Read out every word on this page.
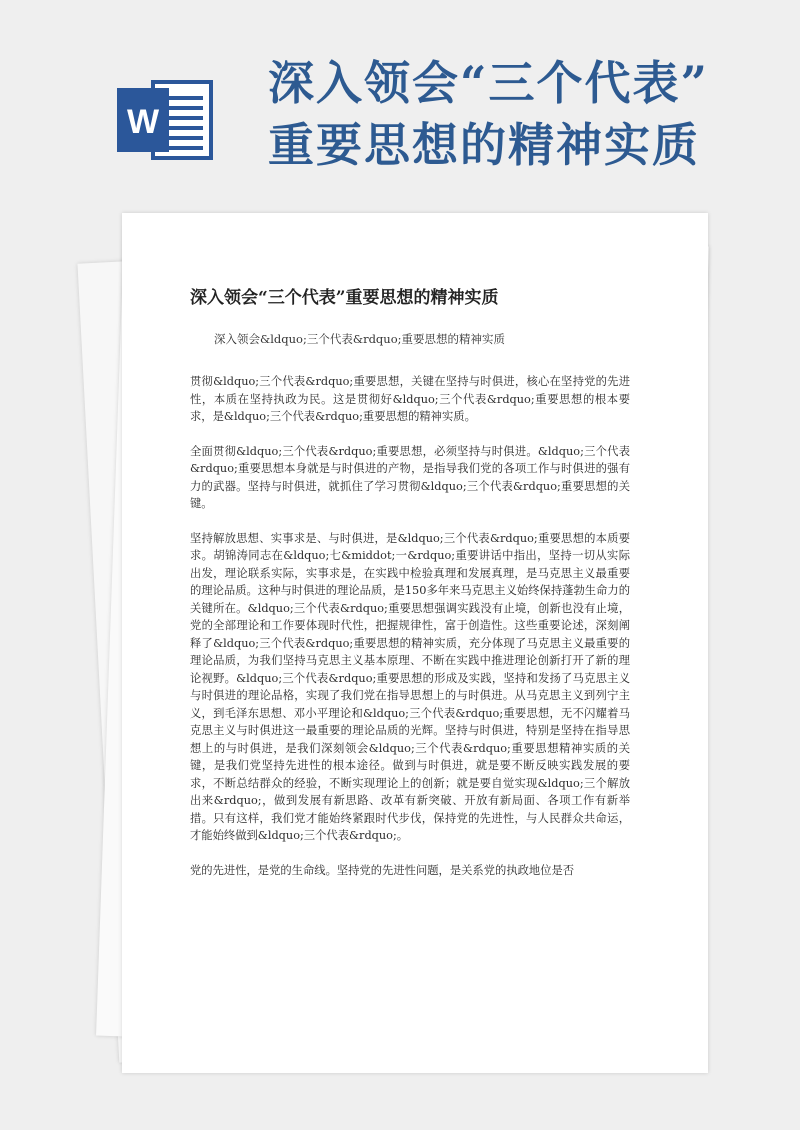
W
深入领会“三个代表”
重要思想的精神实质
深入领会“三个代表”重要思想的精神实质
深入领会&ldquo;三个代表&rdquo;重要思想的精神实质

贯彻&ldquo;三个代表&rdquo;重要思想，关键在坚持与时俱进，核心在坚持党的先进性，本质在坚持执政为民。这是贯彻好&ldquo;三个代表&rdquo;重要思想的根本要求，是&ldquo;三个代表&rdquo;重要思想的精神实质。

全面贯彻&ldquo;三个代表&rdquo;重要思想，必须坚持与时俱进。&ldquo;三个代表&rdquo;重要思想本身就是与时俱进的产物，是指导我们党的各项工作与时俱进的强有力的武器。坚持与时俱进，就抓住了学习贯彻&ldquo;三个代表&rdquo;重要思想的关键。

坚持解放思想、实事求是、与时俱进，是&ldquo;三个代表&rdquo;重要思想的本质要求。胡锦涛同志在&ldquo;七&middot;一&rdquo;重要讲话中指出，坚持一切从实际出发，理论联系实际，实事求是，在实践中检验真理和发展真理，是马克思主义最重要的理论品质。这种与时俱进的理论品质，是150多年来马克思主义始终保持蓬勃生命力的关键所在。&ldquo;三个代表&rdquo;重要思想强调实践没有止境，创新也没有止境，党的全部理论和工作要体现时代性，把握规律性，富于创造性。这些重要论述，深刻阐释了&ldquo;三个代表&rdquo;重要思想的精神实质，充分体现了马克思主义最重要的理论品质，为我们坚持马克思主义基本原理、不断在实践中推进理论创新打开了新的理论视野。&ldquo;三个代表&rdquo;重要思想的形成及实践，坚持和发扬了马克思主义与时俱进的理论品格，实现了我们党在指导思想上的与时俱进。从马克思主义到列宁主义，到毛泽东思想、邓小平理论和&ldquo;三个代表&rdquo;重要思想，无不闪耀着马克思主义与时俱进这一最重要的理论品质的光辉。坚持与时俱进，特别是坚持在指导思想上的与时俱进，是我们深刻领会&ldquo;三个代表&rdquo;重要思想精神实质的关键，是我们党坚持先进性的根本途径。做到与时俱进，就是要不断反映实践发展的要求，不断总结群众的经验，不断实现理论上的创新；就是要自觉实现&ldquo;三个解放出来&rdquo;，做到发展有新思路、改革有新突破、开放有新局面、各项工作有新举措。只有这样，我们党才能始终紧跟时代步伐，保持党的先进性，与人民群众共命运，才能始终做到&ldquo;三个代表&rdquo;。

党的先进性，是党的生命线。坚持党的先进性问题，是关系党的执政地位是否
